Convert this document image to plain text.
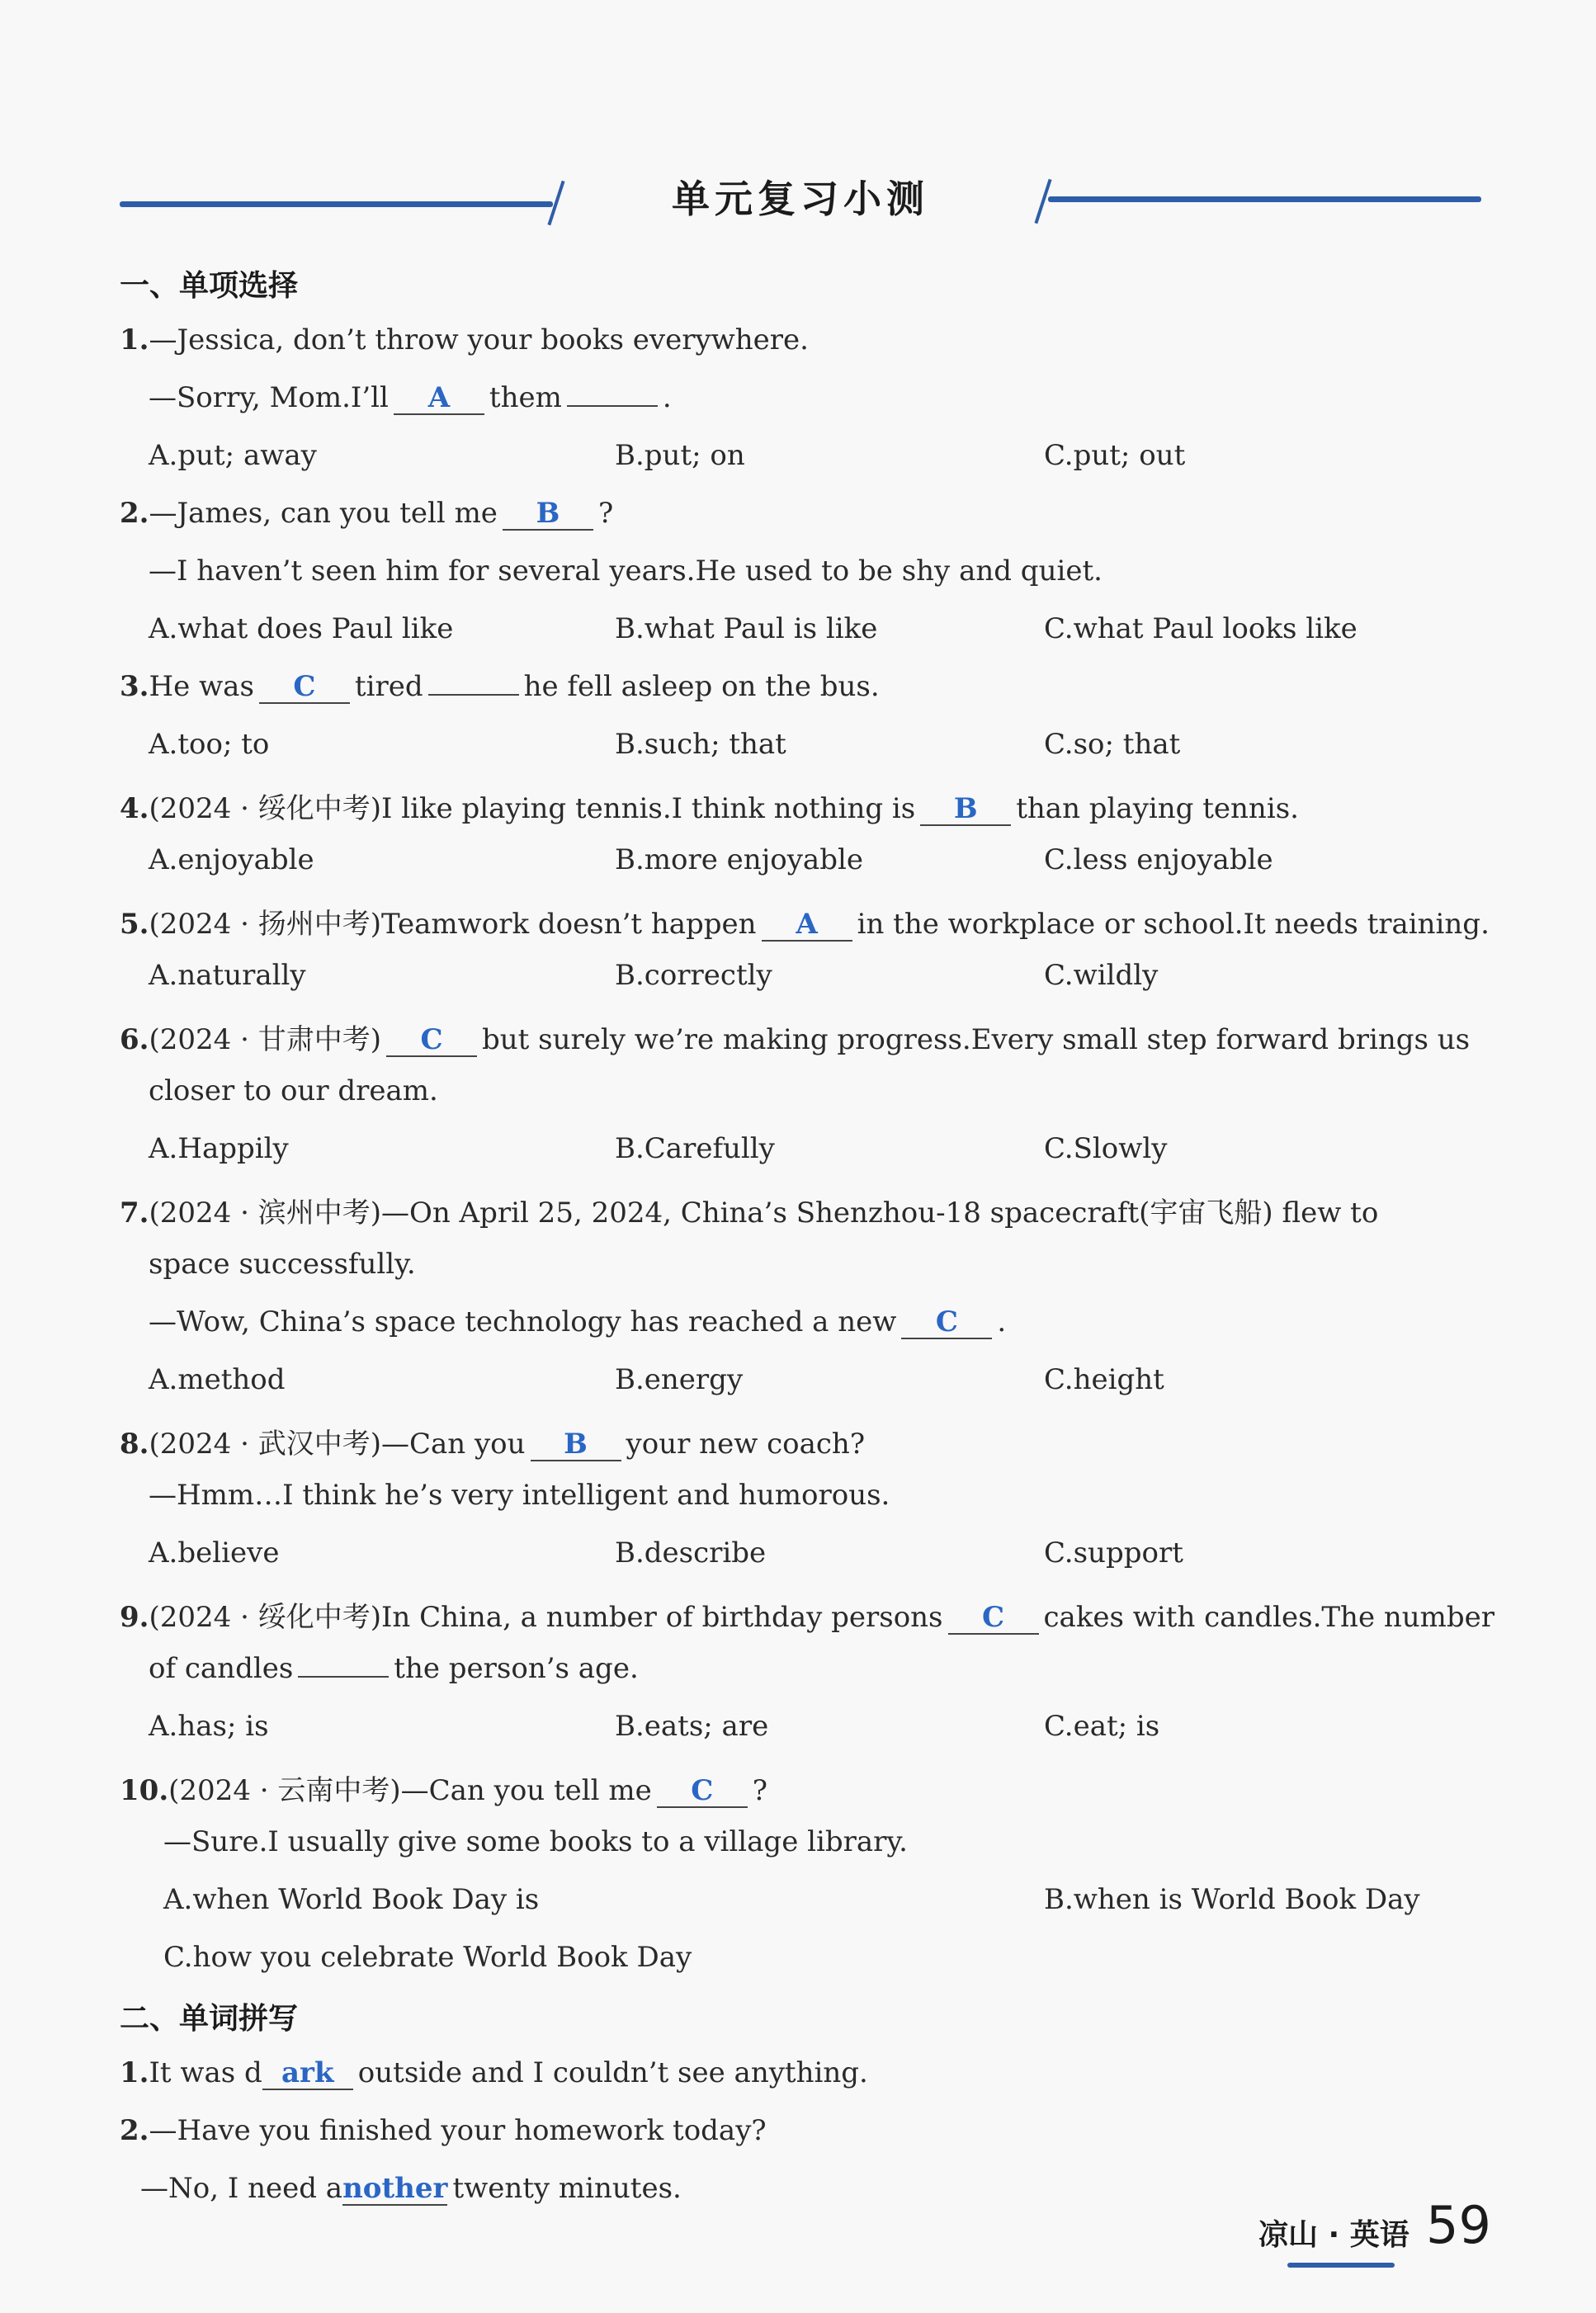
单元复习小测
一、单项选择
1.—Jessica, don’t throw your books everywhere.
—Sorry, Mom.I’ll A them	.
A.put; away	B.put; on	C.put; out
2.—James, can you tell me B ?
—I haven’t seen him for several years.He used to be shy and quiet.
A.what does Paul like	B.what Paul is like	C.what Paul looks like
3.He was C tired	he fell asleep on the bus.
A.too; to	B.such; that	C.so; that
4.(2024 · 绥化中考)I like playing tennis.I think nothing is B than playing tennis.
A.enjoyable	B.more enjoyable	C.less enjoyable
5.(2024 · 扬州中考)Teamwork doesn’t happen A in the workplace or school.It needs training.
A.naturally	B.correctly	C.wildly
6.(2024 · 甘肃中考) C but surely we’re making progress.Every small step forward brings us
closer to our dream.
A.Happily	B.Carefully	C.Slowly
7.(2024 · 滨州中考)—On April 25, 2024, China’s Shenzhou-18 spacecraft(宇宙飞船) flew to
space successfully.
—Wow, China’s space technology has reached a new C .
A.method	B.energy	C.height
8.(2024 · 武汉中考)—Can you B your new coach?
—Hmm…I think he’s very intelligent and humorous.
A.believe	B.describe	C.support
9.(2024 · 绥化中考)In China, a number of birthday persons C cakes with candles.The number
of candles	the person’s age.
A.has; is	B.eats; are	C.eat; is
10.(2024 · 云南中考)—Can you tell me C ?
—Sure.I usually give some books to a village library.
A.when World Book Day is	B.when is World Book Day
C.how you celebrate World Book Day
二、单词拼写
1.It was d ark outside and I couldn’t see anything.
2.—Have you finished your homework today?
—No, I need another twenty minutes.
凉山 · 英语 59
